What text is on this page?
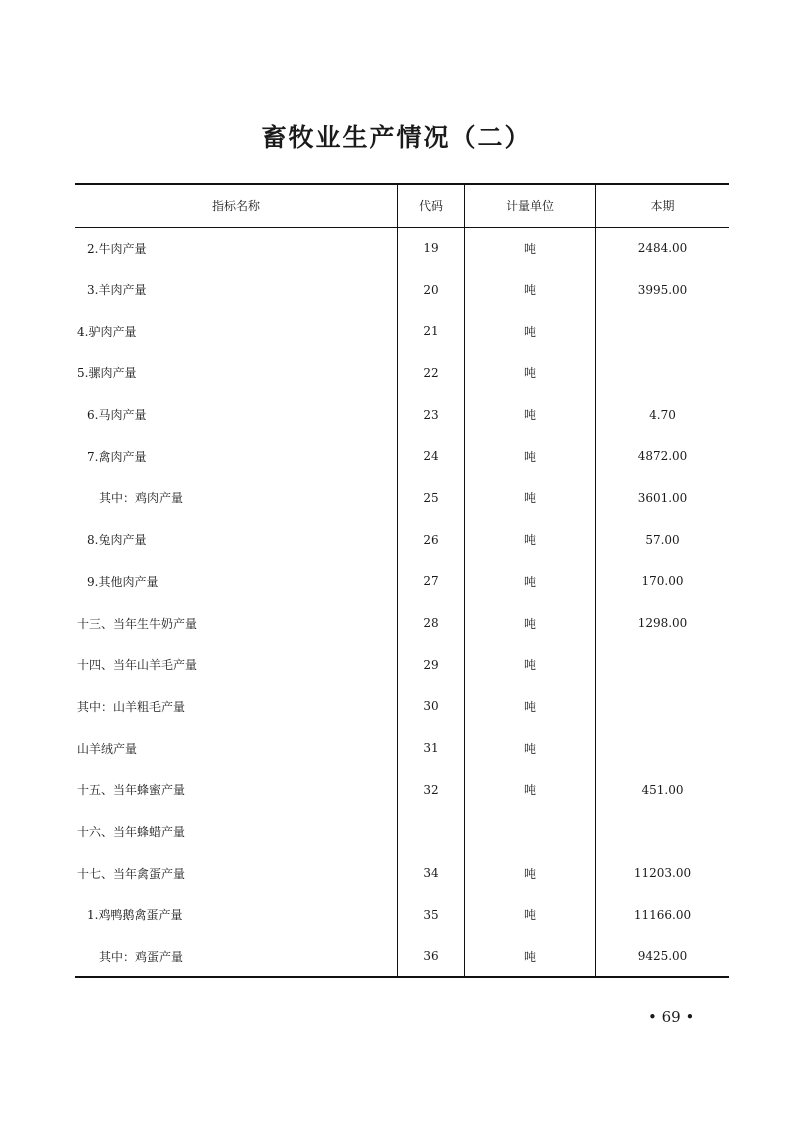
畜牧业生产情况（二）
指标名称	代码	计量单位	本期
2.牛肉产量	19	吨	2484.00
3.羊肉产量	20	吨	3995.00
4.驴肉产量	21	吨	
5.骡肉产量	22	吨	
6.马肉产量	23	吨	4.70
7.禽肉产量	24	吨	4872.00
其中：鸡肉产量	25	吨	3601.00
8.兔肉产量	26	吨	57.00
9.其他肉产量	27	吨	170.00
十三、当年生牛奶产量	28	吨	1298.00
十四、当年山羊毛产量	29	吨	
其中：山羊粗毛产量	30	吨	
山羊绒产量	31	吨	
十五、当年蜂蜜产量	32	吨	451.00
十六、当年蜂蜡产量			
十七、当年禽蛋产量	34	吨	11203.00
1.鸡鸭鹅禽蛋产量	35	吨	11166.00
其中：鸡蛋产量	36	吨	9425.00
• 69 •
